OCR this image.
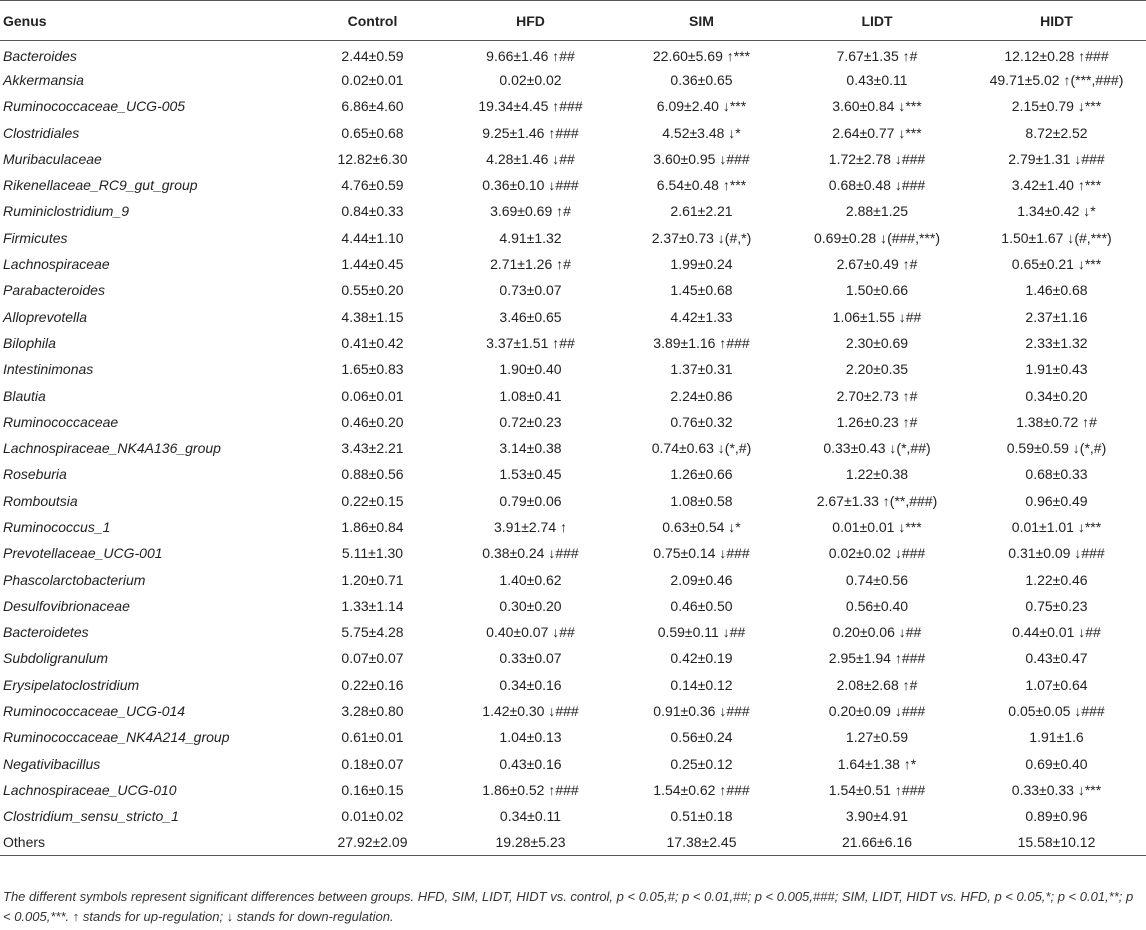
Genus	Control	HFD	SIM	LIDT	HIDT
Bacteroides	2.44±0.59	9.66±1.46 ↑##	22.60±5.69 ↑***	7.67±1.35 ↑#	12.12±0.28 ↑###
Akkermansia	0.02±0.01	0.02±0.02	0.36±0.65	0.43±0.11	49.71±5.02 ↑(***,###)
Ruminococcaceae_UCG-005	6.86±4.60	19.34±4.45 ↑###	6.09±2.40 ↓***	3.60±0.84 ↓***	2.15±0.79 ↓***
Clostridiales	0.65±0.68	9.25±1.46 ↑###	4.52±3.48 ↓*	2.64±0.77 ↓***	8.72±2.52
Muribaculaceae	12.82±6.30	4.28±1.46 ↓##	3.60±0.95 ↓###	1.72±2.78 ↓###	2.79±1.31 ↓###
Rikenellaceae_RC9_gut_group	4.76±0.59	0.36±0.10 ↓###	6.54±0.48 ↑***	0.68±0.48 ↓###	3.42±1.40 ↑***
Ruminiclostridium_9	0.84±0.33	3.69±0.69 ↑#	2.61±2.21	2.88±1.25	1.34±0.42 ↓*
Firmicutes	4.44±1.10	4.91±1.32	2.37±0.73 ↓(#,*)	0.69±0.28 ↓(###,***)	1.50±1.67 ↓(#,***)
Lachnospiraceae	1.44±0.45	2.71±1.26 ↑#	1.99±0.24	2.67±0.49 ↑#	0.65±0.21 ↓***
Parabacteroides	0.55±0.20	0.73±0.07	1.45±0.68	1.50±0.66	1.46±0.68
Alloprevotella	4.38±1.15	3.46±0.65	4.42±1.33	1.06±1.55 ↓##	2.37±1.16
Bilophila	0.41±0.42	3.37±1.51 ↑##	3.89±1.16 ↑###	2.30±0.69	2.33±1.32
Intestinimonas	1.65±0.83	1.90±0.40	1.37±0.31	2.20±0.35	1.91±0.43
Blautia	0.06±0.01	1.08±0.41	2.24±0.86	2.70±2.73 ↑#	0.34±0.20
Ruminococcaceae	0.46±0.20	0.72±0.23	0.76±0.32	1.26±0.23 ↑#	1.38±0.72 ↑#
Lachnospiraceae_NK4A136_group	3.43±2.21	3.14±0.38	0.74±0.63 ↓(*,#)	0.33±0.43 ↓(*,##)	0.59±0.59 ↓(*,#)
Roseburia	0.88±0.56	1.53±0.45	1.26±0.66	1.22±0.38	0.68±0.33
Romboutsia	0.22±0.15	0.79±0.06	1.08±0.58	2.67±1.33 ↑(**,###)	0.96±0.49
Ruminococcus_1	1.86±0.84	3.91±2.74 ↑	0.63±0.54 ↓*	0.01±0.01 ↓***	0.01±1.01 ↓***
Prevotellaceae_UCG-001	5.11±1.30	0.38±0.24 ↓###	0.75±0.14 ↓###	0.02±0.02 ↓###	0.31±0.09 ↓###
Phascolarctobacterium	1.20±0.71	1.40±0.62	2.09±0.46	0.74±0.56	1.22±0.46
Desulfovibrionaceae	1.33±1.14	0.30±0.20	0.46±0.50	0.56±0.40	0.75±0.23
Bacteroidetes	5.75±4.28	0.40±0.07 ↓##	0.59±0.11 ↓##	0.20±0.06 ↓##	0.44±0.01 ↓##
Subdoligranulum	0.07±0.07	0.33±0.07	0.42±0.19	2.95±1.94 ↑###	0.43±0.47
Erysipelatoclostridium	0.22±0.16	0.34±0.16	0.14±0.12	2.08±2.68 ↑#	1.07±0.64
Ruminococcaceae_UCG-014	3.28±0.80	1.42±0.30 ↓###	0.91±0.36 ↓###	0.20±0.09 ↓###	0.05±0.05 ↓###
Ruminococcaceae_NK4A214_group	0.61±0.01	1.04±0.13	0.56±0.24	1.27±0.59	1.91±1.6
Negativibacillus	0.18±0.07	0.43±0.16	0.25±0.12	1.64±1.38 ↑*	0.69±0.40
Lachnospiraceae_UCG-010	0.16±0.15	1.86±0.52 ↑###	1.54±0.62 ↑###	1.54±0.51 ↑###	0.33±0.33 ↓***
Clostridium_sensu_stricto_1	0.01±0.02	0.34±0.11	0.51±0.18	3.90±4.91	0.89±0.96
Others	27.92±2.09	19.28±5.23	17.38±2.45	21.66±6.16	15.58±10.12

The different symbols represent significant differences between groups. HFD, SIM, LIDT, HIDT vs. control, p < 0.05,#; p < 0.01,##; p < 0.005,###; SIM, LIDT, HIDT vs. HFD, p < 0.05,*; p < 0.01,**; p < 0.005,***. ↑ stands for up-regulation; ↓ stands for down-regulation.
